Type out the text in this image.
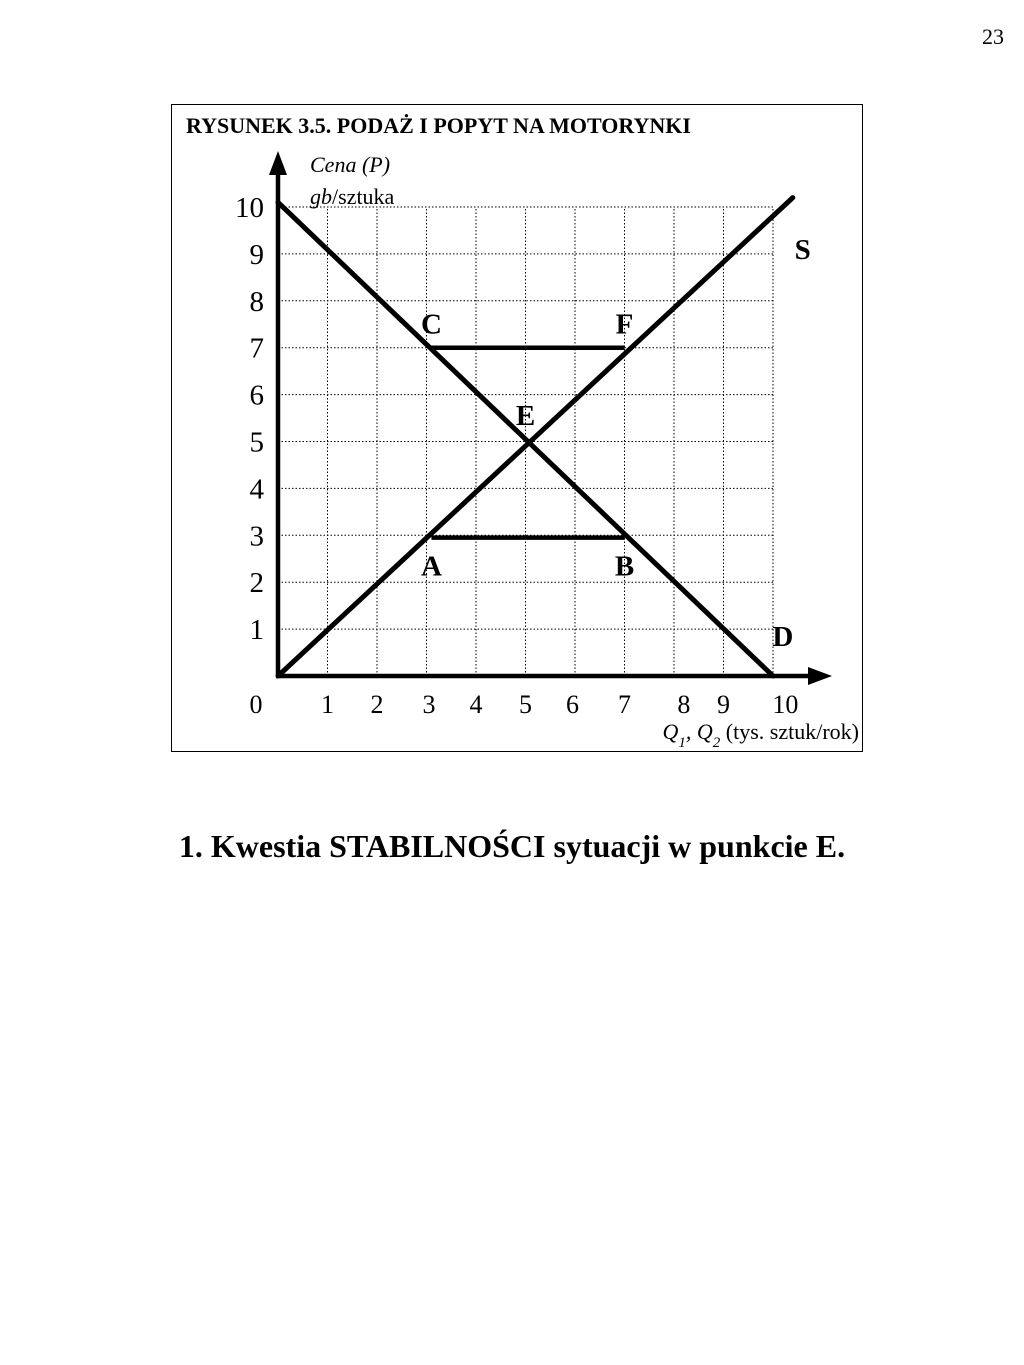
23
RYSUNEK 3.5. PODAŻ I POPYT NA MOTORYNKI
0 1 2 3 4 5 6 7 8 9 10
1
2
3
4
5
6
7
8
9
10
Cena (P)
gb/sztuka
$Q_1$, $Q_2$ (tys. sztuk/rok)
C	F
E
A	B
S
D
1. Kwestia STABILNOŚCI sytuacji w punkcie E.
